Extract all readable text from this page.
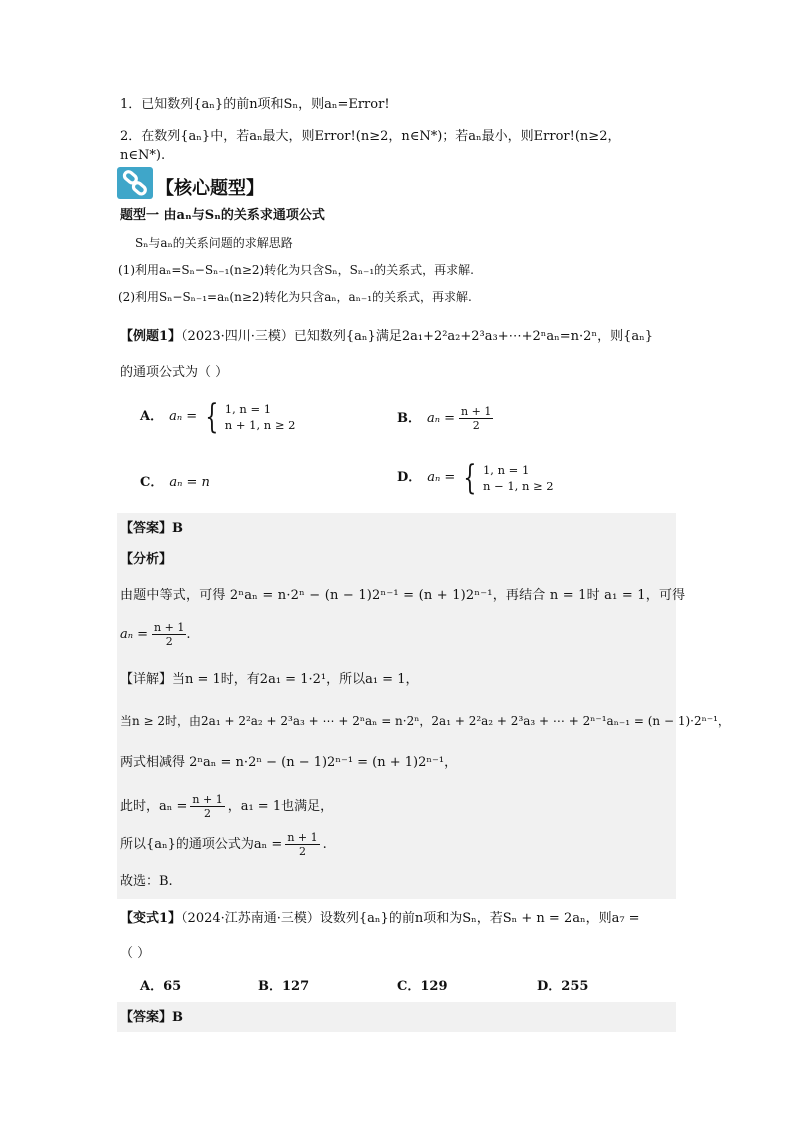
1．已知数列{aₙ}的前n项和Sₙ，则aₙ=Error!
2．在数列{aₙ}中，若aₙ最大，则Error!(n≥2，n∈N*)；若aₙ最小，则Error!(n≥2，
n∈N*).
【核心题型】
题型一 由aₙ与Sₙ的关系求通项公式
Sₙ与aₙ的关系问题的求解思路
(1)利用aₙ=Sₙ−Sₙ₋₁(n≥2)转化为只含Sₙ，Sₙ₋₁的关系式，再求解.
(2)利用Sₙ−Sₙ₋₁=aₙ(n≥2)转化为只含aₙ，aₙ₋₁的关系式，再求解.
【例题1】（2023·四川·三模）已知数列{aₙ}满足2a₁+2²a₂+2³a₃+⋯+2ⁿaₙ=n·2ⁿ，则{aₙ}
的通项公式为（ ）
A． aₙ = { 1, n = 1
n + 1, n ≥ 2	B． $a_n = \frac{n + 1}{2}$
C． aₙ = n	D． aₙ = { 1, n = 1
n − 1, n ≥ 2
【答案】B
【分析】
由题中等式，可得 2ⁿaₙ = n·2ⁿ − (n − 1)2ⁿ⁻¹ = (n + 1)2ⁿ⁻¹，再结合 n = 1时 a₁ = 1，可得
$a_n = \frac{n + 1}{2}$ .
【详解】当n = 1时，有2a₁ = 1·2¹，所以a₁ = 1，
当n ≥ 2时，由2a₁ + 2²a₂ + 2³a₃ + ⋯ + 2ⁿaₙ = n·2ⁿ，2a₁ + 2²a₂ + 2³a₃ + ⋯ + 2ⁿ⁻¹aₙ₋₁ = (n − 1)·2ⁿ⁻¹，
两式相减得 2ⁿaₙ = n·2ⁿ − (n − 1)2ⁿ⁻¹ = (n + 1)2ⁿ⁻¹，
此时，$a_n = \frac{n + 1}{2}$ ，a₁ = 1也满足，
所以{aₙ}的通项公式为$a_n = \frac{n + 1}{2}$ .
故选：B.
【变式1】（2024·江苏南通·三模）设数列{aₙ}的前n项和为Sₙ，若Sₙ + n = 2aₙ，则a₇ =
（ ）
A．65	B．127	C．129	D．255
【答案】B
